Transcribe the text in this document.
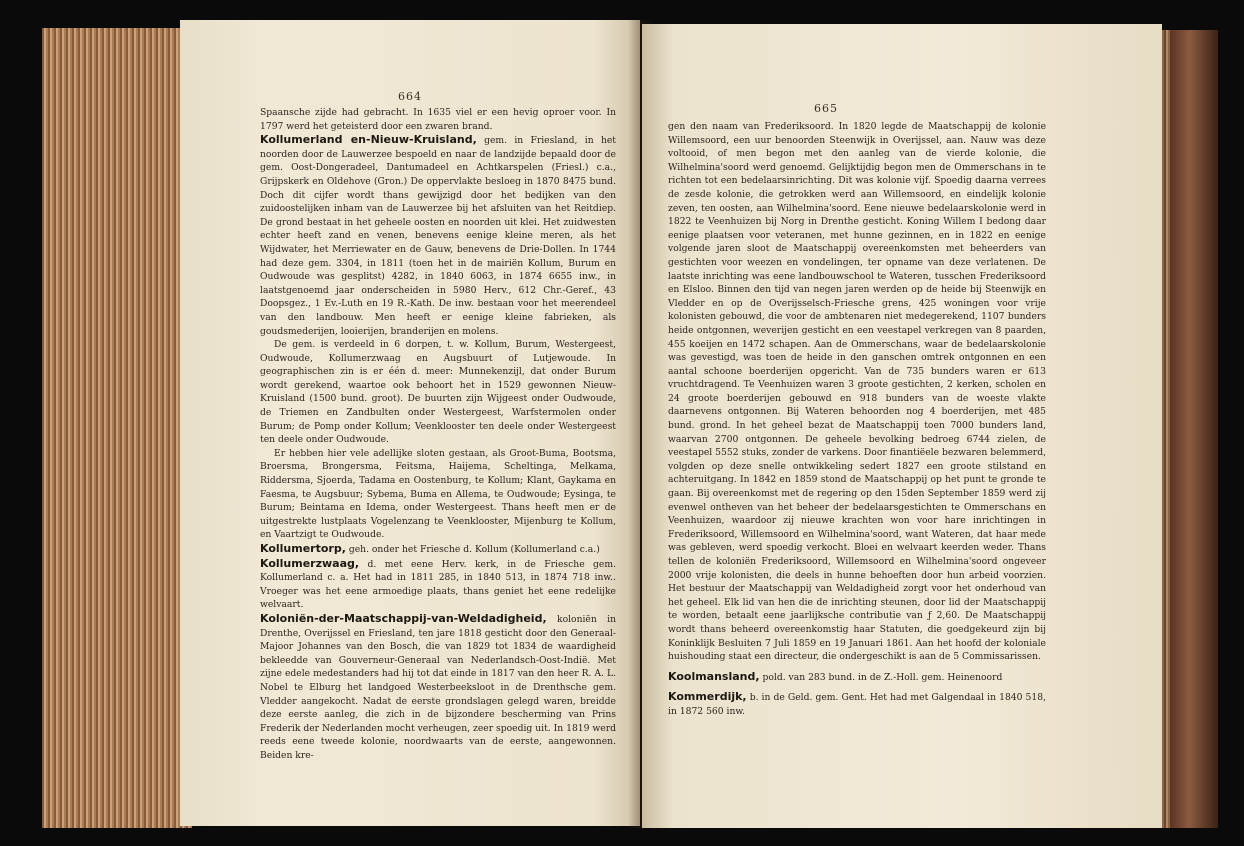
664

Spaansche zijde had gebracht. In 1635 viel er een hevig oproer voor. In 1797 werd het geteisterd door een zwaren brand.

Kollumerland en-Nieuw-Kruisland, gem. in Friesland, in het noorden door de Lauwerzee bespoeld en naar de landzijde bepaald door de gem. Oost-Dongeradeel, Dantumadeel en Achtkarspelen (Friesl.) c.a., Grijpskerk en Oldehove (Gron.) De oppervlakte besloeg in 1870 8475 bund. Doch dit cijfer wordt thans gewijzigd door het bedijken van den zuidoostelijken inham van de Lauwerzee bij het afsluiten van het Reitdiep. De grond bestaat in het geheele oosten en noorden uit klei. Het zuidwesten echter heeft zand en venen, benevens eenige kleine meren, als het Wijdwater, het Merriewater en de Gauw, benevens de Drie-Dollen. In 1744 had deze gem. 3304, in 1811 (toen het in de mairiën Kollum, Burum en Oudwoude was gesplitst) 4282, in 1840 6063, in 1874 6655 inw., in laatstgenoemd jaar onderscheiden in 5980 Herv., 612 Chr.-Geref., 43 Doopsgez., 1 Ev.-Luth en 19 R.-Kath. De inw. bestaan voor het meerendeel van den landbouw. Men heeft er eenige kleine fabrieken, als goudsmederijen, looierijen, branderijen en molens.

De gem. is verdeeld in 6 dorpen, t. w. Kollum, Burum, Westergeest, Oudwoude, Kollumerzwaag en Augsbuurt of Lutjewoude. In geographischen zin is er één d. meer: Munnekenzijl, dat onder Burum wordt gerekend, waartoe ook behoort het in 1529 gewonnen Nieuw-Kruisland (1500 bund. groot). De buurten zijn Wijgeest onder Oudwoude, de Triemen en Zandbulten onder Westergeest, Warfstermolen onder Burum; de Pomp onder Kollum; Veenklooster ten deele onder Westergeest ten deele onder Oudwoude.

Er hebben hier vele adellijke sloten gestaan, als Groot-Buma, Bootsma, Broersma, Brongersma, Feitsma, Haijema, Scheltinga, Melkama, Riddersma, Sjoerda, Tadama en Oostenburg, te Kollum; Klant, Gaykama en Faesma, te Augsbuur; Sybema, Buma en Allema, te Oudwoude; Eysinga, te Burum; Beintama en Idema, onder Westergeest. Thans heeft men er de uitgestrekte lustplaats Vogelenzang te Veenklooster, Mijenburg te Kollum, en Vaartzigt te Oudwoude.

Kollumertorp, geh. onder het Friesche d. Kollum (Kollumerland c.a.)

Kollumerzwaag, d. met eene Herv. kerk, in de Friesche gem. Kollumerland c. a. Het had in 1811 285, in 1840 513, in 1874 718 inw.. Vroeger was het eene armoedige plaats, thans geniet het eene redelijke welvaart.

Koloniën-der-Maatschappij-van-Weldadigheid, koloniën in Drenthe, Overijssel en Friesland, ten jare 1818 gesticht door den Generaal-Majoor Johannes van den Bosch, die van 1829 tot 1834 de waardigheid bekleedde van Gouverneur-Generaal van Nederlandsch-Oost-Indië. Met zijne edele medestanders had hij tot dat einde in 1817 van den heer R. A. L. Nobel te Elburg het landgoed Westerbeeksloot in de Drenthsche gem. Vledder aangekocht. Nadat de eerste grondslagen gelegd waren, breidde deze eerste aanleg, die zich in de bijzondere bescherming van Prins Frederik der Nederlanden mocht verheugen, zeer spoedig uit. In 1819 werd reeds eene tweede kolonie, noordwaarts van de eerste, aangewonnen. Beiden kre-

665

gen den naam van Frederiksoord. In 1820 legde de Maatschappij de kolonie Willemsoord, een uur benoorden Steenwijk in Overijssel, aan. Nauw was deze voltooid, of men begon met den aanleg van de vierde kolonie, die Wilhelmina'soord werd genoemd. Gelijktijdig begon men de Ommerschans in te richten tot een bedelaarsinrichting. Dit was kolonie vijf. Spoedig daarna verrees de zesde kolonie, die getrokken werd aan Willemsoord, en eindelijk kolonie zeven, ten oosten, aan Wilhelmina'soord. Eene nieuwe bedelaarskolonie werd in 1822 te Veenhuizen bij Norg in Drenthe gesticht. Koning Willem I bedong daar eenige plaatsen voor veteranen, met hunne gezinnen, en in 1822 en eenige volgende jaren sloot de Maatschappij overeenkomsten met beheerders van gestichten voor weezen en vondelingen, ter opname van deze verlatenen. De laatste inrichting was eene landbouwschool te Wateren, tusschen Frederiksoord en Elsloo. Binnen den tijd van negen jaren werden op de heide bij Steenwijk en Vledder en op de Overijsselsch-Friesche grens, 425 woningen voor vrije kolonisten gebouwd, die voor de ambtenaren niet medegerekend, 1107 bunders heide ontgonnen, weverijen gesticht en een veestapel verkregen van 8 paarden, 455 koeijen en 1472 schapen. Aan de Ommerschans, waar de bedelaarskolonie was gevestigd, was toen de heide in den ganschen omtrek ontgonnen en een aantal schoone boerderijen opgericht. Van de 735 bunders waren er 613 vruchtdragend. Te Veenhuizen waren 3 groote gestichten, 2 kerken, scholen en 24 groote boerderijen gebouwd en 918 bunders van de woeste vlakte daarnevens ontgonnen. Bij Wateren behoorden nog 4 boerderijen, met 485 bund. grond. In het geheel bezat de Maatschappij toen 7000 bunders land, waarvan 2700 ontgonnen. De geheele bevolking bedroeg 6744 zielen, de veestapel 5552 stuks, zonder de varkens. Door finantiëele bezwaren belemmerd, volgden op deze snelle ontwikkeling sedert 1827 een groote stilstand en achteruitgang. In 1842 en 1859 stond de Maatschappij op het punt te gronde te gaan. Bij overeenkomst met de regering op den 15den September 1859 werd zij evenwel ontheven van het beheer der bedelaarsgestichten te Ommerschans en Veenhuizen, waardoor zij nieuwe krachten won voor hare inrichtingen in Frederiksoord, Willemsoord en Wilhelmina'soord, want Wateren, dat haar mede was gebleven, werd spoedig verkocht. Bloei en welvaart keerden weder. Thans tellen de koloniën Frederiksoord, Willemsoord en Wilhelmina'soord ongeveer 2000 vrije kolonisten, die deels in hunne behoeften door hun arbeid voorzien. Het bestuur der Maatschappij van Weldadigheid zorgt voor het onderhoud van het geheel. Elk lid van hen die de inrichting steunen, door lid der Maatschappij te worden, betaalt eene jaarlijksche contributie van ƒ 2,60. De Maatschappij wordt thans beheerd overeenkomstig haar Statuten, die goedgekeurd zijn bij Koninklijk Besluiten 7 Juli 1859 en 19 Januari 1861. Aan het hoofd der koloniale huishouding staat een directeur, die ondergeschikt is aan de 5 Commissarissen.

Koolmansland, pold. van 283 bund. in de Z.-Holl. gem. Heinenoord

Kommerdijk, b. in de Geld. gem. Gent. Het had met Galgendaal in 1840 518, in 1872 560 inw.
